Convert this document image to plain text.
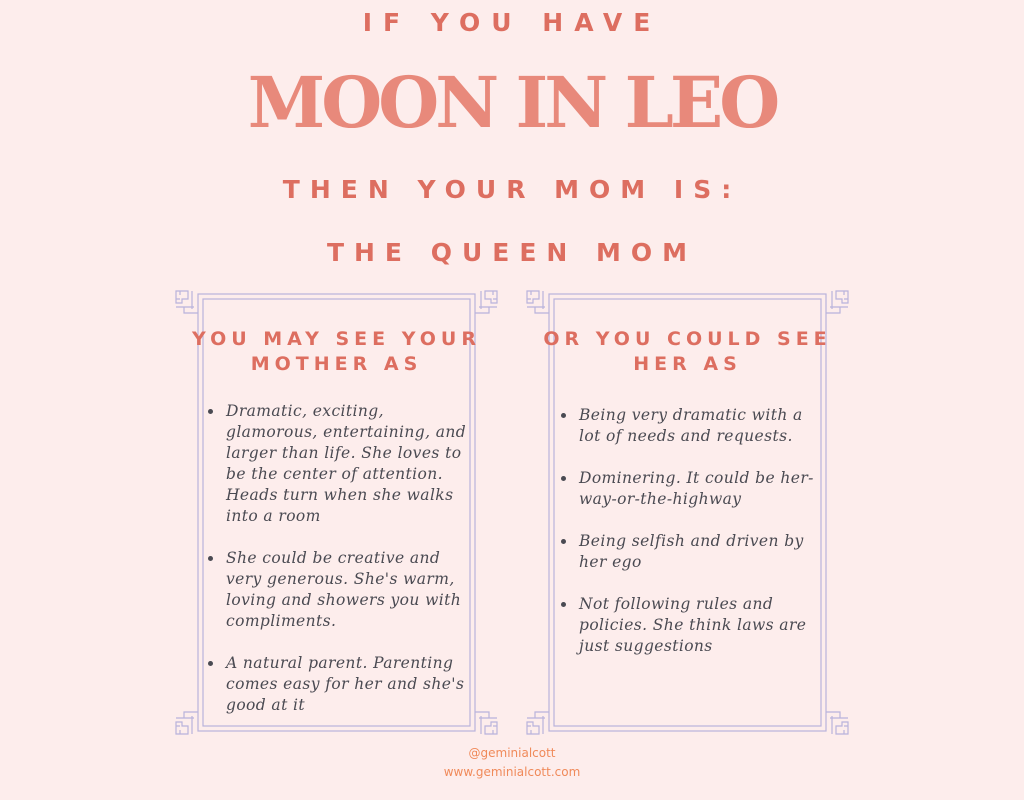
IF YOU HAVE
MOON IN LEO
THEN YOUR MOM IS:
THE QUEEN MOM
YOU MAY SEE YOUR
MOTHER AS
Dramatic, exciting, glamorous, entertaining, and larger than life. She loves to be the center of attention. Heads turn when she walks into a room
She could be creative and very generous. She's warm, loving and showers you with compliments.
A natural parent. Parenting comes easy for her and she's good at it
OR YOU COULD SEE
HER AS
Being very dramatic with a lot of needs and requests.
Dominering. It could be her-way-or-the-highway
Being selfish and driven by her ego
Not following rules and policies. She think laws are just suggestions
@geminialcott
www.geminialcott.com
